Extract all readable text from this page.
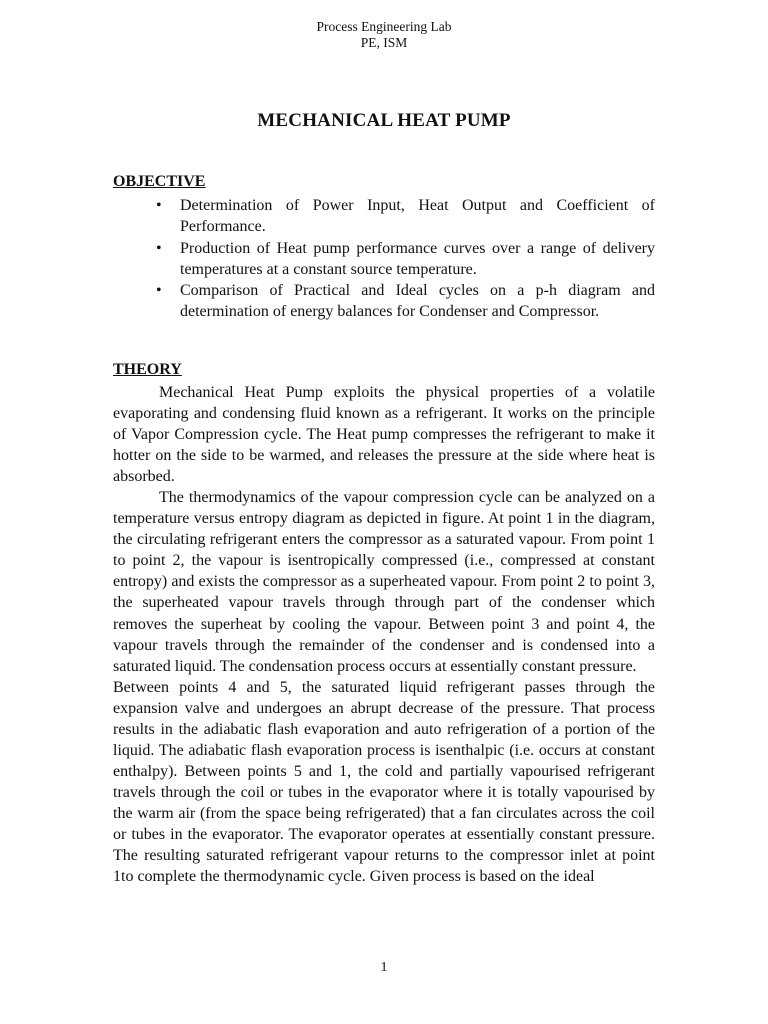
Process Engineering Lab
PE, ISM
MECHANICAL HEAT PUMP
OBJECTIVE
• Determination of Power Input, Heat Output and Coefficient of Performance.
• Production of Heat pump performance curves over a range of delivery temperatures at a constant source temperature.
• Comparison of Practical and Ideal cycles on a p-h diagram and determination of energy balances for Condenser and Compressor.
THEORY

Mechanical Heat Pump exploits the physical properties of a volatile evaporating and condensing fluid known as a refrigerant. It works on the principle of Vapor Compression cycle. The Heat pump compresses the refrigerant to make it hotter on the side to be warmed, and releases the pressure at the side where heat is absorbed.

The thermodynamics of the vapour compression cycle can be analyzed on a temperature versus entropy diagram as depicted in figure. At point 1 in the diagram, the circulating refrigerant enters the compressor as a saturated vapour. From point 1 to point 2, the vapour is isentropically compressed (i.e., compressed at constant entropy) and exists the compressor as a superheated vapour. From point 2 to point 3, the superheated vapour travels through through part of the condenser which removes the superheat by cooling the vapour. Between point 3 and point 4, the vapour travels through the remainder of the condenser and is condensed into a saturated liquid. The condensation process occurs at essentially constant pressure.

Between points 4 and 5, the saturated liquid refrigerant passes through the expansion valve and undergoes an abrupt decrease of the pressure. That process results in the adiabatic flash evaporation and auto refrigeration of a portion of the liquid. The adiabatic flash evaporation process is isenthalpic (i.e. occurs at constant enthalpy). Between points 5 and 1, the cold and partially vapourised refrigerant travels through the coil or tubes in the evaporator where it is totally vapourised by the warm air (from the space being refrigerated) that a fan circulates across the coil or tubes in the evaporator. The evaporator operates at essentially constant pressure. The resulting saturated refrigerant vapour returns to the compressor inlet at point 1to complete the thermodynamic cycle. Given process is based on the ideal

1
